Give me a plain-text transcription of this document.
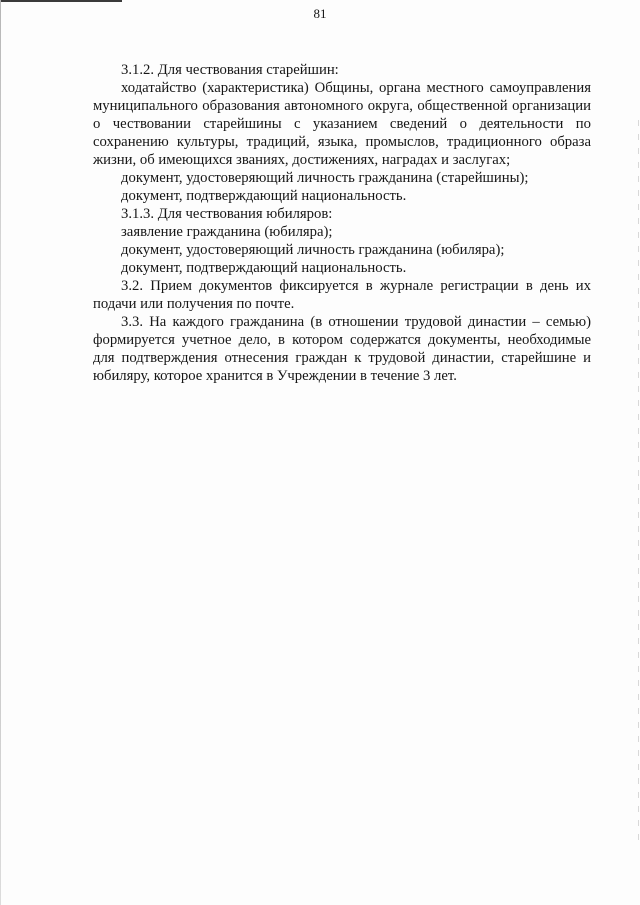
81

3.1.2. Для чествования старейшин:

ходатайство (характеристика) Общины, органа местного самоуправления муниципального образования автономного округа, общественной организации о чествовании старейшины с указанием сведений о деятельности по сохранению культуры, традиций, языка, промыслов, традиционного образа жизни, об имеющихся званиях, достижениях, наградах и заслугах;

документ, удостоверяющий личность гражданина (старейшины);

документ, подтверждающий национальность.

3.1.3. Для чествования юбиляров:

заявление гражданина (юбиляра);

документ, удостоверяющий личность гражданина (юбиляра);

документ, подтверждающий национальность.

3.2. Прием документов фиксируется в журнале регистрации в день их подачи или получения по почте.

3.3. На каждого гражданина (в отношении трудовой династии – семью) формируется учетное дело, в котором содержатся документы, необходимые для подтверждения отнесения граждан к трудовой династии, старейшине и юбиляру, которое хранится в Учреждении в течение 3 лет.
